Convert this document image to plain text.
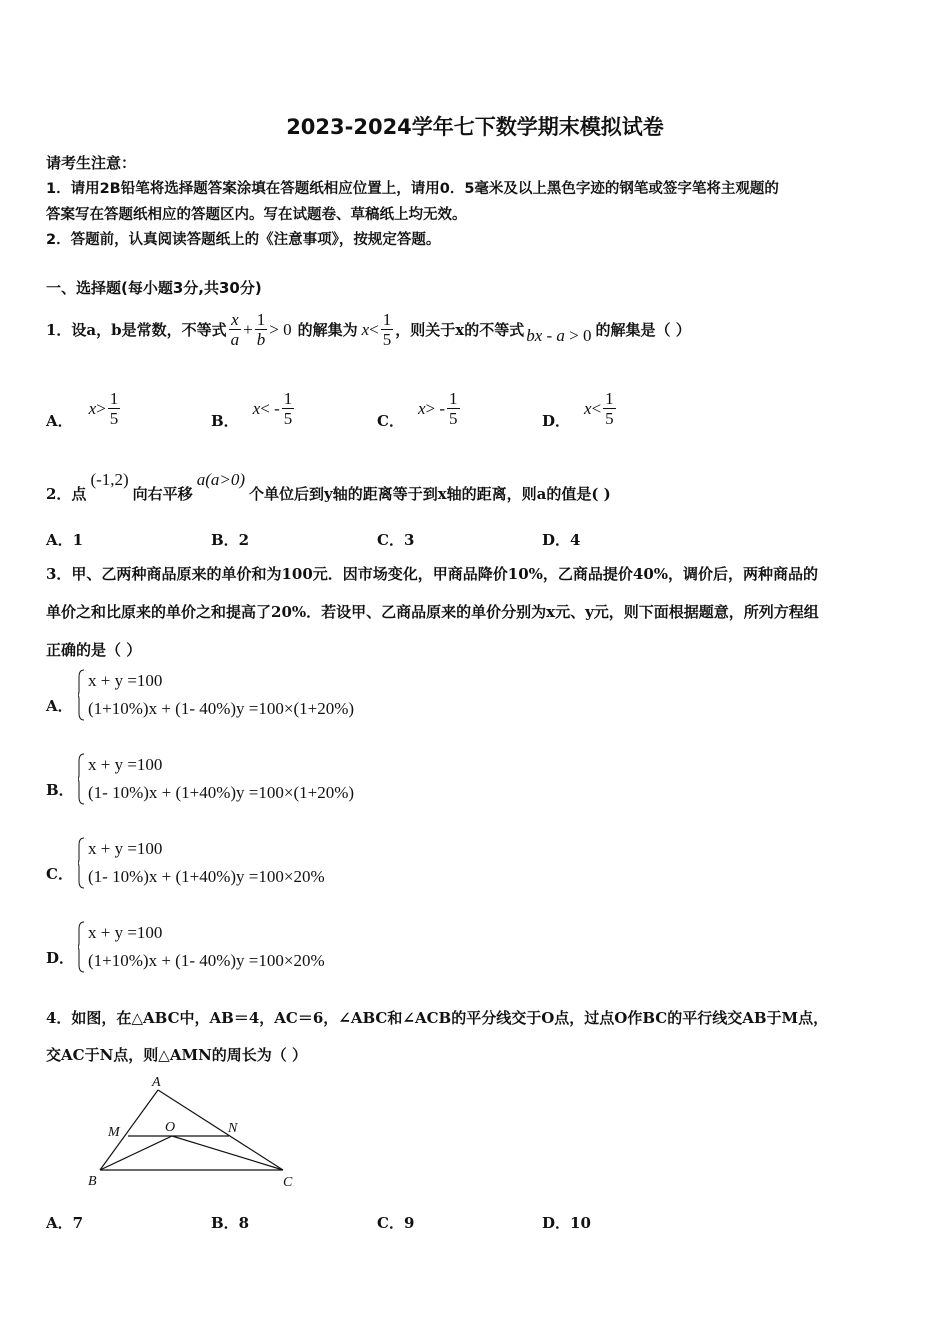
2023-2024学年七下数学期末模拟试卷
请考生注意：
1．请用2B铅笔将选择题答案涂填在答题纸相应位置上，请用0．5毫米及以上黑色字迹的钢笔或签字笔将主观题的
答案写在答题纸相应的答题区内。写在试题卷、草稿纸上均无效。
2．答题前，认真阅读答题纸上的《注意事项》，按规定答题。
一、选择题(每小题3分,共30分)
1．设a，b是常数，不等式 $\frac{x}{a} + \frac{1}{b} > 0$ 的解集为 $x < \frac{1}{5}$ ，则关于x的不等式 bx - a > 0 的解集是（ ）
A．
$x > \frac{1}{5}$	B．
x < - $\frac{1}{5}$	C．
x > - $\frac{1}{5}$	D．
$x < \frac{1}{5}$
2．点
(-1,2)
向右平移
a(a>0)
个单位后到y轴的距离等于到x轴的距离，则a的值是( )
A．1	B．2	C．3	D．4
3．甲、乙两种商品原来的单价和为100元．因市场变化，甲商品降价10%，乙商品提价40%，调价后，两种商品的
单价之和比原来的单价之和提高了20%．若设甲、乙商品原来的单价分别为x元、y元，则下面根据题意，所列方程组
正确的是（ ）
A．
x + y =100
(1+10%)x + (1- 40%)y =100×(1+20%)
B．
x + y =100
(1- 10%)x + (1+40%)y =100×(1+20%)
C．
x + y =100
(1- 10%)x + (1+40%)y =100×20%
D．
x + y =100
(1+10%)x + (1- 40%)y =100×20%
4．如图，在△ABC中，AB＝4，AC＝6，∠ABC和∠ACB的平分线交于O点，过点O作BC的平行线交AB于M点，
交AC于N点，则△AMN的周长为（ ）
A
M	O	N
B	C
A．7	B．8	C．9	D．10
